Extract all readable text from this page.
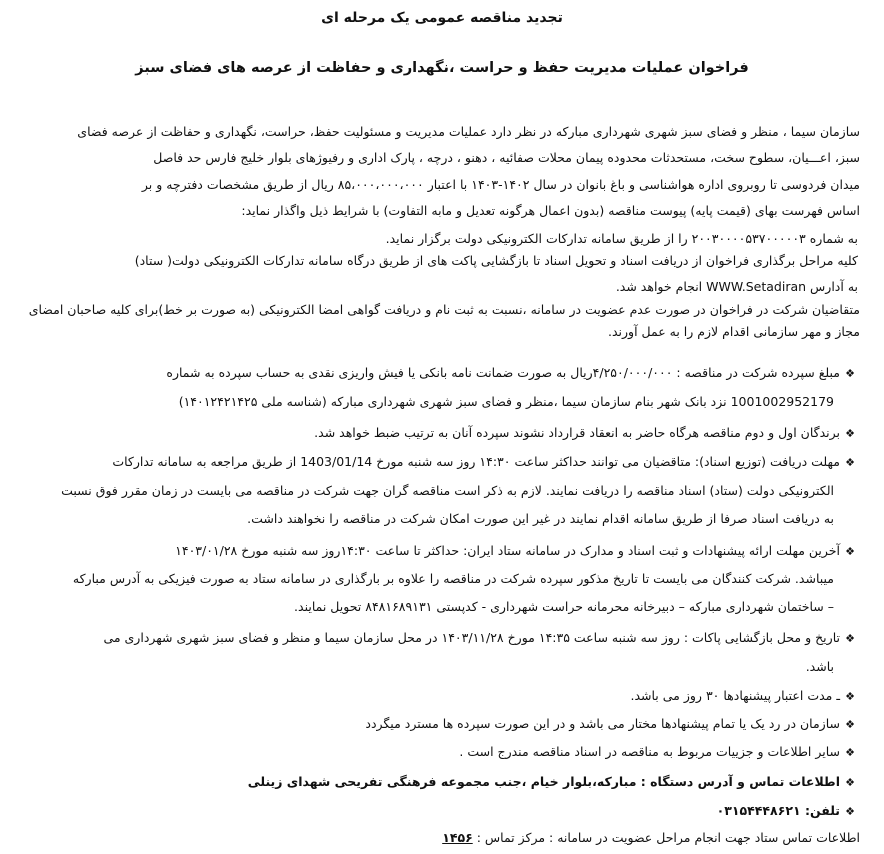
تجدید مناقصه عمومی یک مرحله ای
فراخوان عملیات مدیریت حفظ و حراست ،نگهداری و حفاظت از عرصه های فضای سبز
سازمان سیما ، منظر و فضای سبز شهری شهرداری مبارکه در نظر دارد عملیات مدیریت و مسئولیت حفظ، حراست، نگهداری و حفاظت از عرصه فضای
سبز، اعـــیان، سطوح سخت، مستحدثات محدوده پیمان محلات صفائیه ، دهنو ، درچه ، پارک اداری و رفیوژهای بلوار خلیج فارس حد فاصل
میدان فردوسی تا روبروی اداره هواشناسی و باغ بانوان در سال ۱۴۰۲-۱۴۰۳ با اعتبار ۸۵،۰۰۰،۰۰۰،۰۰۰ ریال از طریق مشخصات دفترچه و بر
اساس فهرست بهای (قیمت پایه) پیوست مناقصه (بدون اعمال هرگونه تعدیل و مابه التفاوت) با شرایط ذیل واگذار نماید:
به شماره ۲۰۰۳۰۰۰۰۵۳۷۰۰۰۰۰۳ را از طریق سامانه تدارکات الکترونیکی دولت برگزار نماید.
کلیه مراحل برگذاری فراخوان از دریافت اسناد و تحویل اسناد تا بازگشایی پاکت های از طریق درگاه سامانه تدارکات الکترونیکی دولت( ستاد)
به آدارس WWW.Setadiran انجام خواهد شد.
متقاضیان شرکت در فراخوان در صورت عدم عضویت در سامانه ،نسبت به ثبت نام و دریافت گواهی امضا الکترونیکی (به صورت بر خط)برای کلیه صاحبان امضای
مجاز و مهر سازمانی اقدام لازم را به عمل آورند.
❖مبلغ سپرده شرکت در مناقصه : ۴/۲۵۰/۰۰۰/۰۰۰ریال به صورت ضمانت نامه بانکی یا فیش واریزی نقدی به حساب سپرده به شماره
1001002952179 نزد بانک شهر بنام سازمان سیما ،منظر و فضای سبز شهری شهرداری مبارکه (شناسه ملی ۱۴۰۱۲۴۲۱۴۲۵)
❖برندگان اول و دوم مناقصه هرگاه حاضر به انعقاد قرارداد نشوند سپرده آنان به ترتیب ضبط خواهد شد.
❖مهلت دریافت (توزیع اسناد): متاقضیان می توانند حداکثر ساعت ۱۴:۳۰ روز سه شنبه مورخ 1403/01/14 از طریق مراجعه به سامانه تدارکات
الکترونیکی دولت (ستاد) اسناد مناقصه را دریافت نمایند. لازم به ذکر است مناقصه گران جهت شرکت در مناقصه می بایست در زمان مقرر فوق نسبت
به دریافت اسناد صرفا از طریق سامانه اقدام نمایند در غیر این صورت امکان شرکت در مناقصه را نخواهند داشت.
❖آخرین مهلت ارائه پیشنهادات و ثبت اسناد و مدارک در سامانه ستاد ایران: حداکثر تا ساعت ۱۴:۳۰روز سه شنبه مورخ ۱۴۰۳/۰۱/۲۸
میباشد. شرکت کنندگان می بایست تا تاریخ مذکور سپرده شرکت در مناقصه را علاوه بر بارگذاری در سامانه ستاد به صورت فیزیکی به آدرس مبارکه
– ساختمان شهرداری مبارکه – دبیرخانه محرمانه حراست شهرداری - کدپستی ۸۴۸۱۶۸۹۱۳۱ تحویل نمایند.
❖تاریخ و محل بازگشایی پاکات : روز سه شنبه ساعت ۱۴:۳۵ مورخ ۱۴۰۳/۱۱/۲۸ در محل سازمان سیما و منظر و فضای سبز شهری شهرداری می
باشد.
❖ـ مدت اعتبار پیشنهادها ۳۰ روز می باشد.
❖سازمان در رد یک یا تمام پیشنهادها مختار می باشد و در این صورت سپرده ها مسترد میگردد
❖سایر اطلاعات و جزییات مربوط به مناقصه در اسناد مناقصه مندرج است .
❖اطلاعات تماس و آدرس دستگاه : مبارکه،بلوار خیام ،جنب مجموعه فرهنگی تفریحی شهدای زینلی
❖تلفن: ۰۳۱۵۴۴۴۸۶۲۱
اطلاعات تماس ستاد جهت انجام مراحل عضویت در سامانه : مرکز تماس : ۱۴۵۶
